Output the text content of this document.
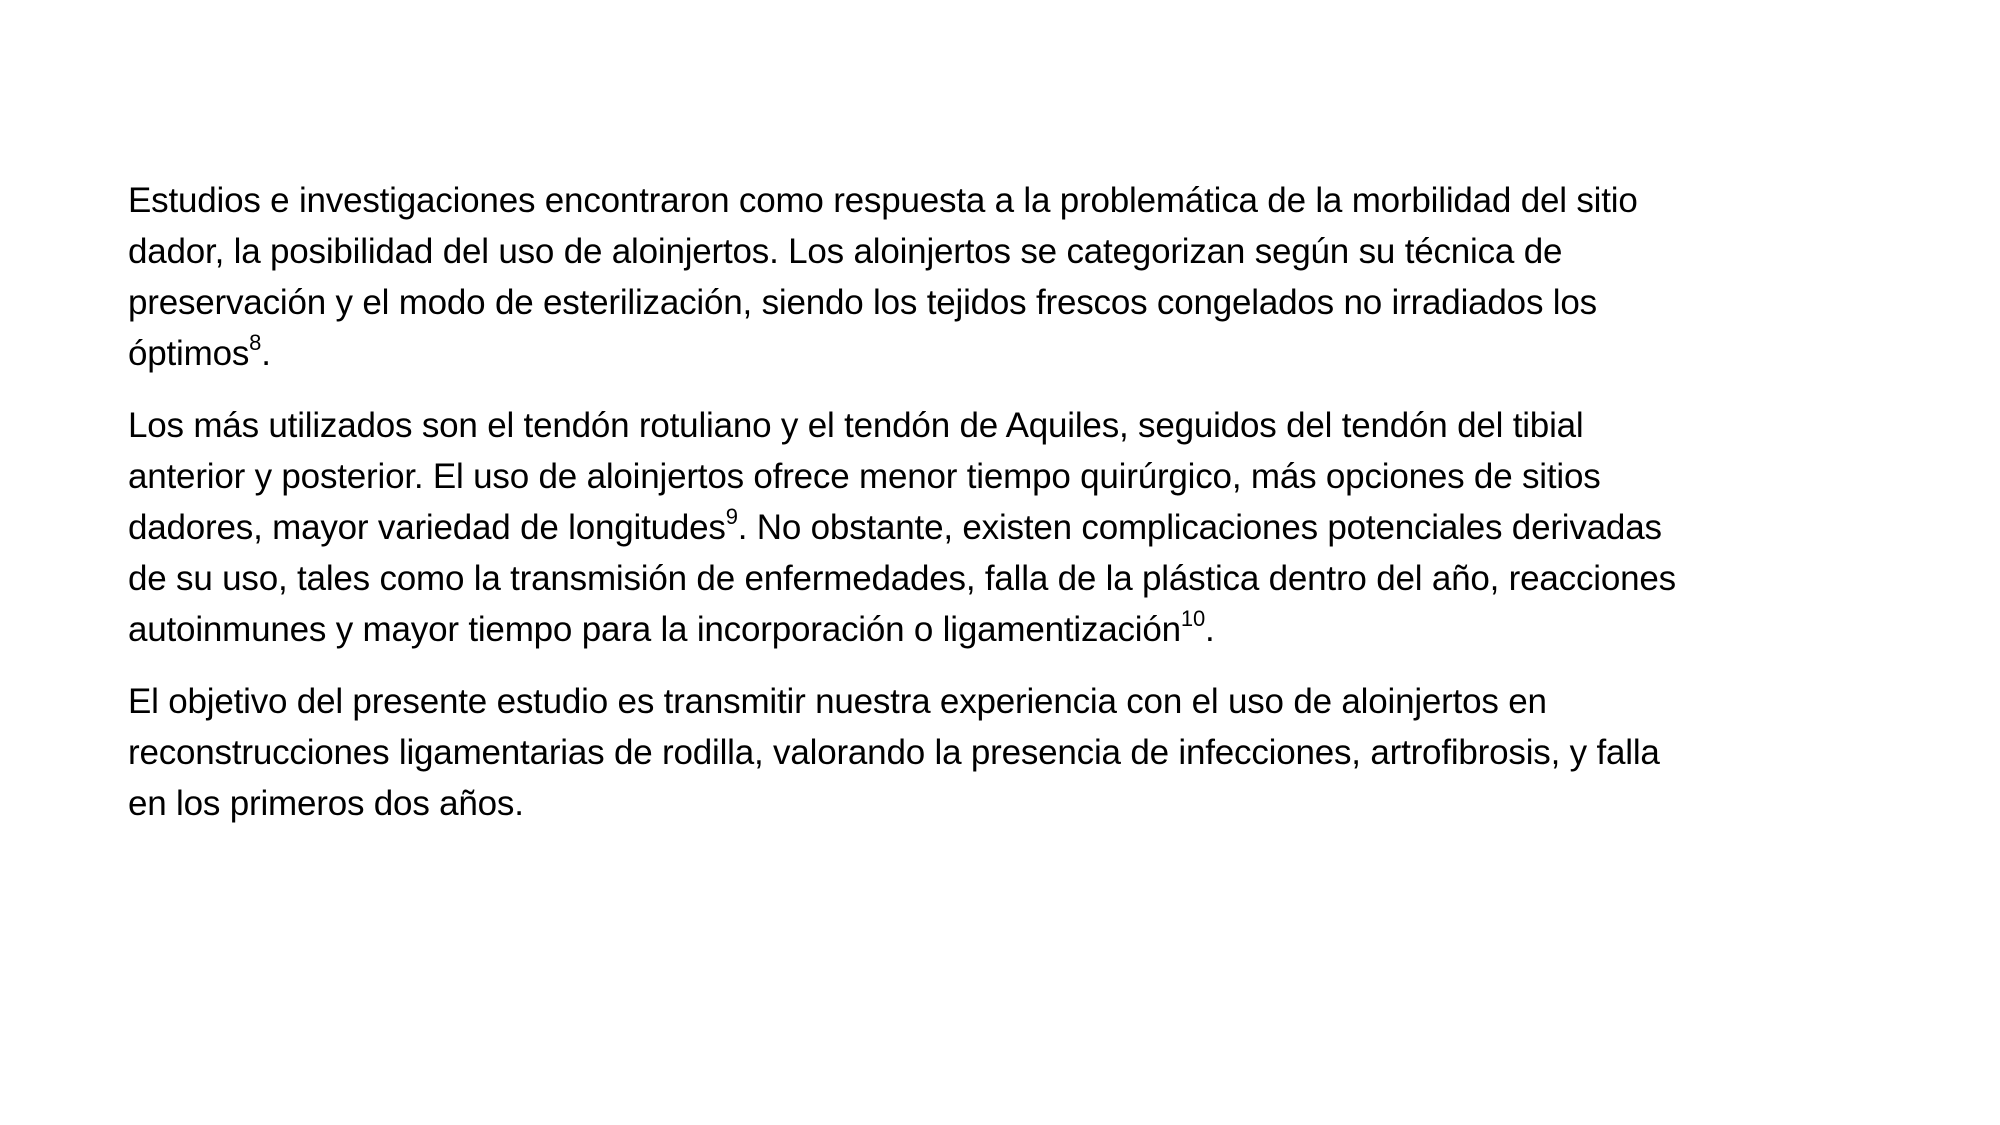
Estudios e investigaciones encontraron como respuesta a la problemática de la morbilidad del sitio
dador, la posibilidad del uso de aloinjertos. Los aloinjertos se categorizan según su técnica de
preservación y el modo de esterilización, siendo los tejidos frescos congelados no irradiados los
óptimos$^8$.

Los más utilizados son el tendón rotuliano y el tendón de Aquiles, seguidos del tendón del tibial
anterior y posterior. El uso de aloinjertos ofrece menor tiempo quirúrgico, más opciones de sitios
dadores, mayor variedad de longitudes$^9$. No obstante, existen complicaciones potenciales derivadas
de su uso, tales como la transmisión de enfermedades, falla de la plástica dentro del año, reacciones
autoinmunes y mayor tiempo para la incorporación o ligamentización$^{10}$.

El objetivo del presente estudio es transmitir nuestra experiencia con el uso de aloinjertos en
reconstrucciones ligamentarias de rodilla, valorando la presencia de infecciones, artrofibrosis, y falla
en los primeros dos años.
